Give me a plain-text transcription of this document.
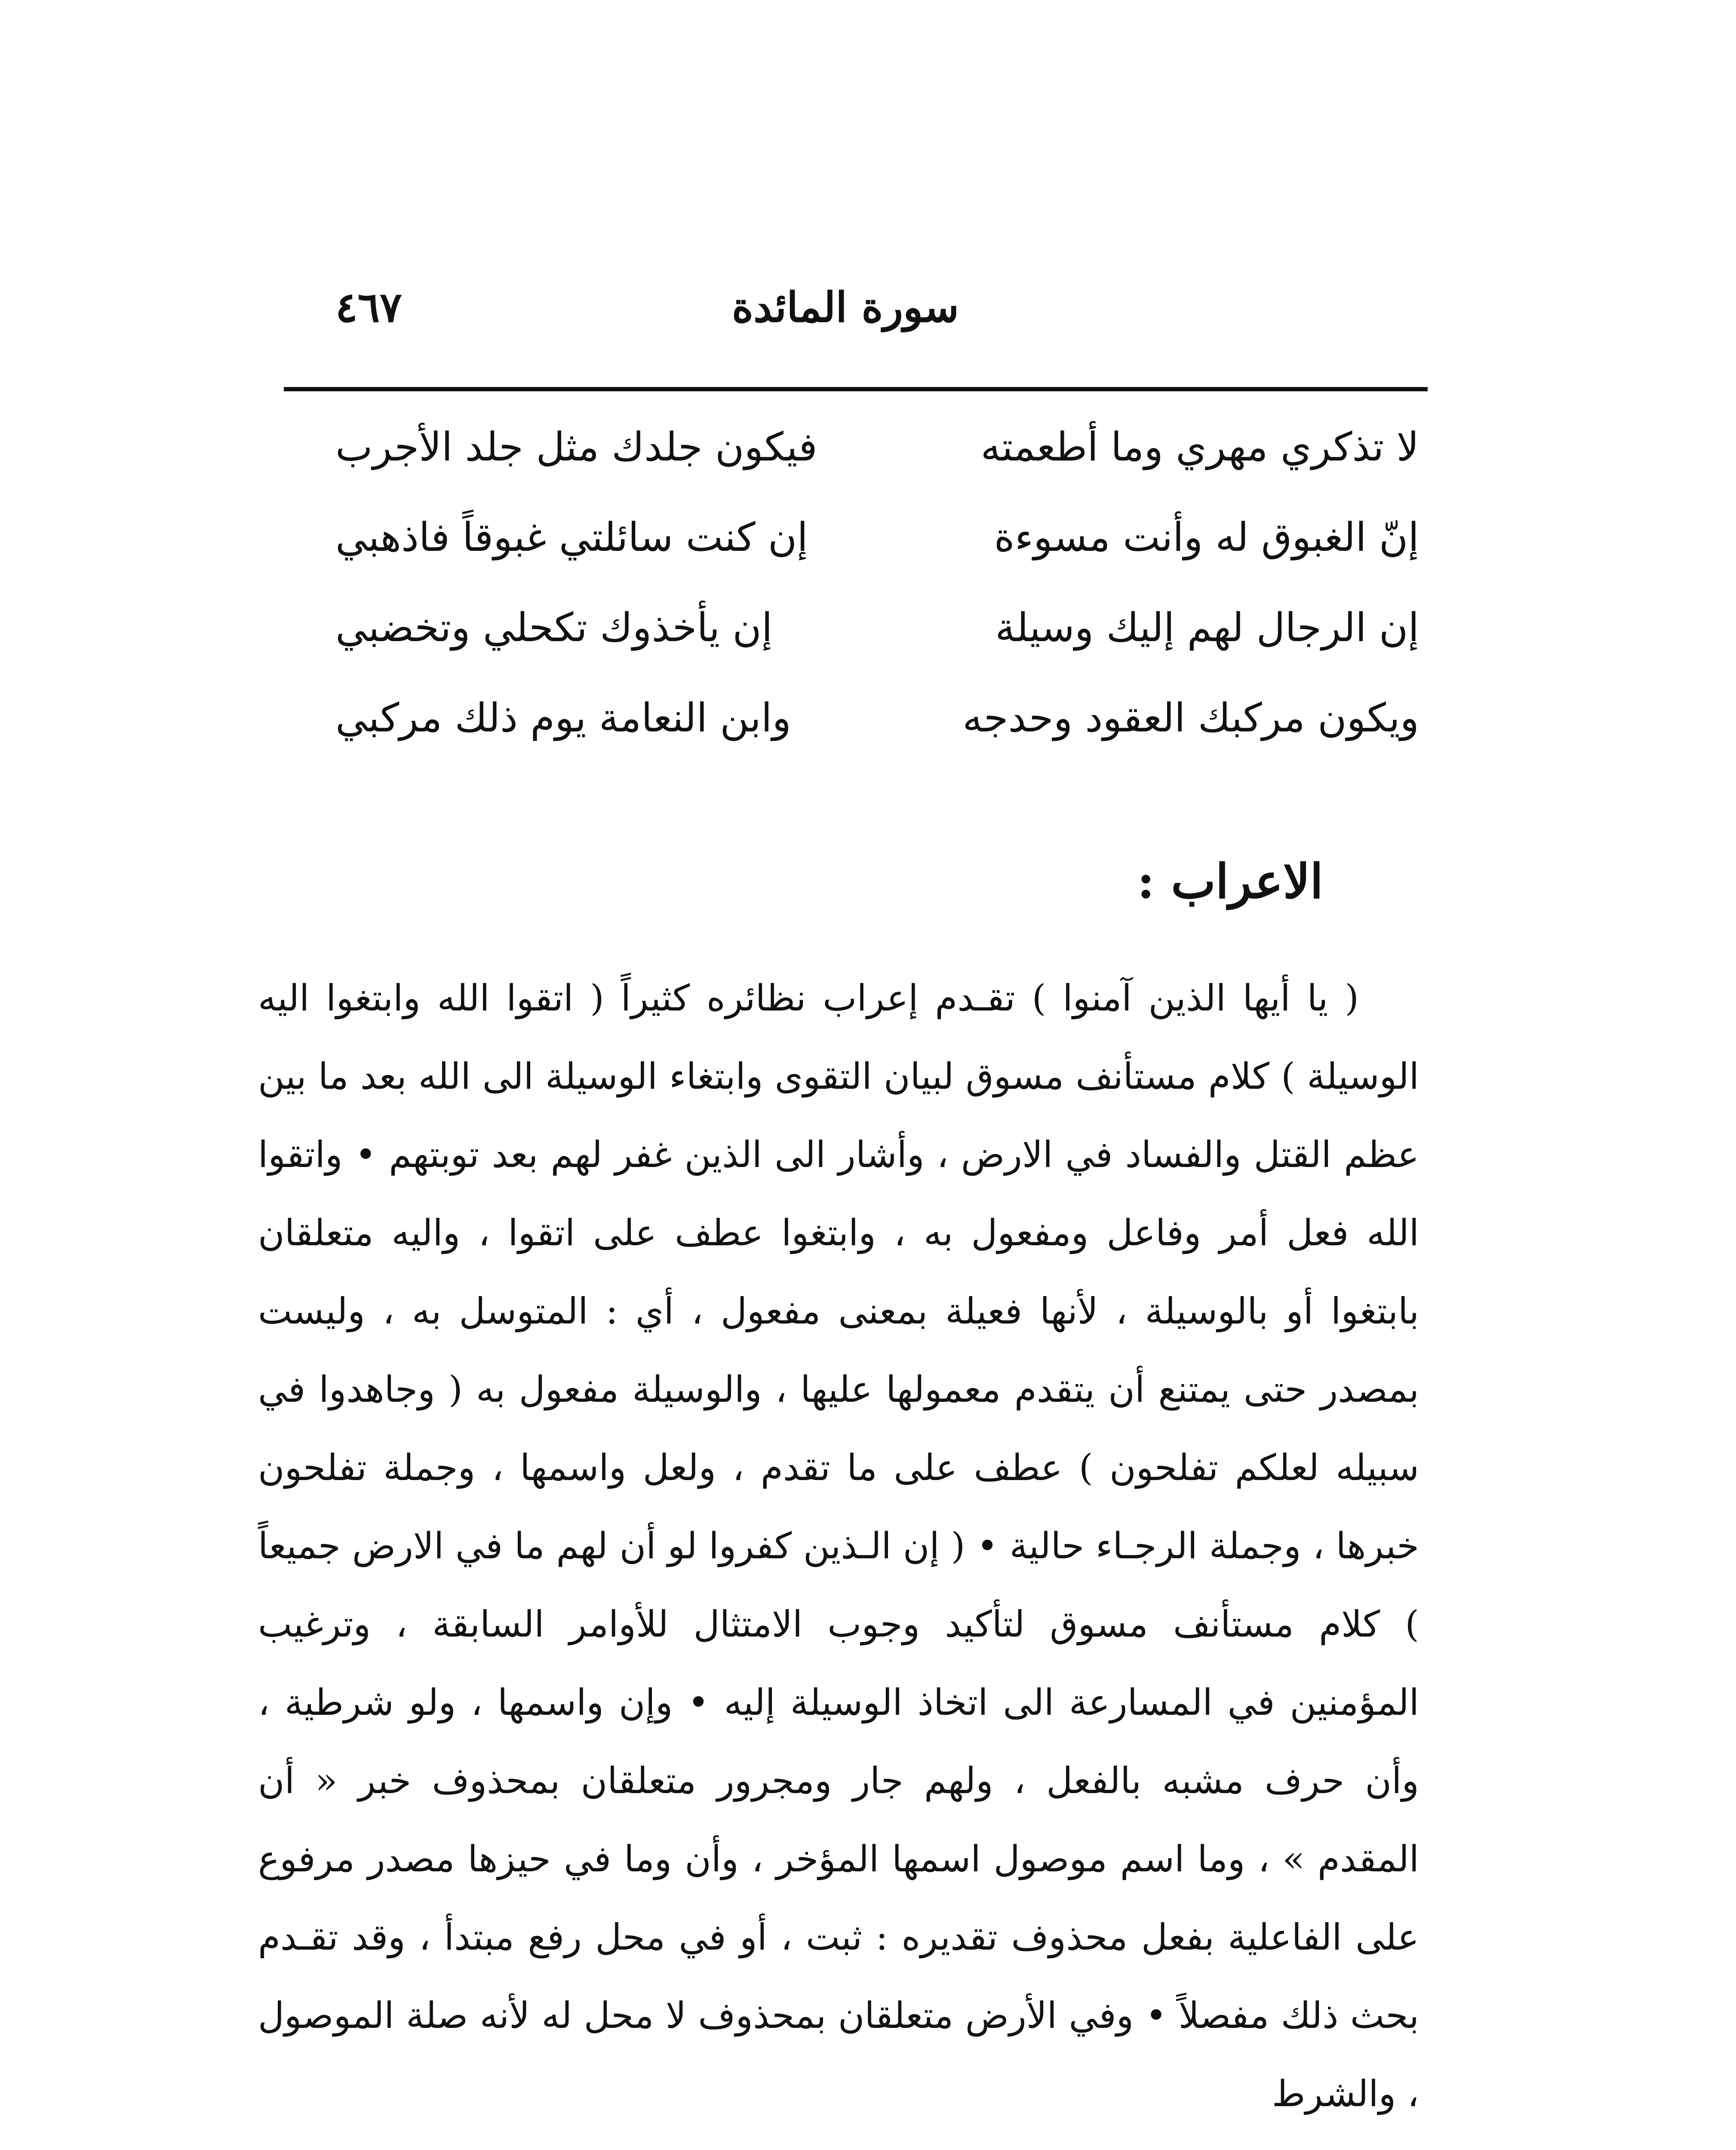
سورة المائدة
٤٦٧
لا تذكري مهري وما أطعمته
فيكون جلدك مثل جلد الأجرب
إنّ الغبوق له وأنت مسوءة
إن كنت سائلتي غبوقاً فاذهبي
إن الرجال لهم إليك وسيلة
إن يأخذوك تكحلي وتخضبي
ويكون مركبك العقود وحدجه
وابن النعامة يوم ذلك مركبي
الاعراب :

( يا أيها الذين آمنوا ) تقـدم إعراب نظائره كثيراً ( اتقوا الله وابتغوا اليه الوسيلة ) كلام مستأنف مسوق لبيان التقوى وابتغاء الوسيلة الى الله بعد ما بين عظم القتل والفساد في الارض ، وأشار الى الذين غفر لهم بعد توبتهم • واتقوا الله فعل أمر وفاعل ومفعول به ، وابتغوا عطف على اتقوا ، واليه متعلقان بابتغوا أو بالوسيلة ، لأنها فعيلة بمعنى مفعول ، أي : المتوسل به ، وليست بمصدر حتى يمتنع أن يتقدم معمولها عليها ، والوسيلة مفعول به ( وجاهدوا في سبيله لعلكم تفلحون ) عطف على ما تقدم ، ولعل واسمها ، وجملة تفلحون خبرها ، وجملة الرجـاء حالية • ( إن الـذين كفروا لو أن لهم ما في الارض جميعاً ) كلام مستأنف مسوق لتأكيد وجوب الامتثال للأوامر السابقة ، وترغيب المؤمنين في المسارعة الى اتخاذ الوسيلة إليه • وإن واسمها ، ولو شرطية ، وأن حرف مشبه بالفعل ، ولهم جار ومجرور متعلقان بمحذوف خبر « أن المقدم » ، وما اسم موصول اسمها المؤخر ، وأن وما في حيزها مصدر مرفوع على الفاعلية بفعل محذوف تقديره : ثبت ، أو في محل رفع مبتدأ ، وقد تقـدم بحث ذلك مفصلاً • وفي الأرض متعلقان بمحذوف لا محل له لأنه صلة الموصول ، والشرط
